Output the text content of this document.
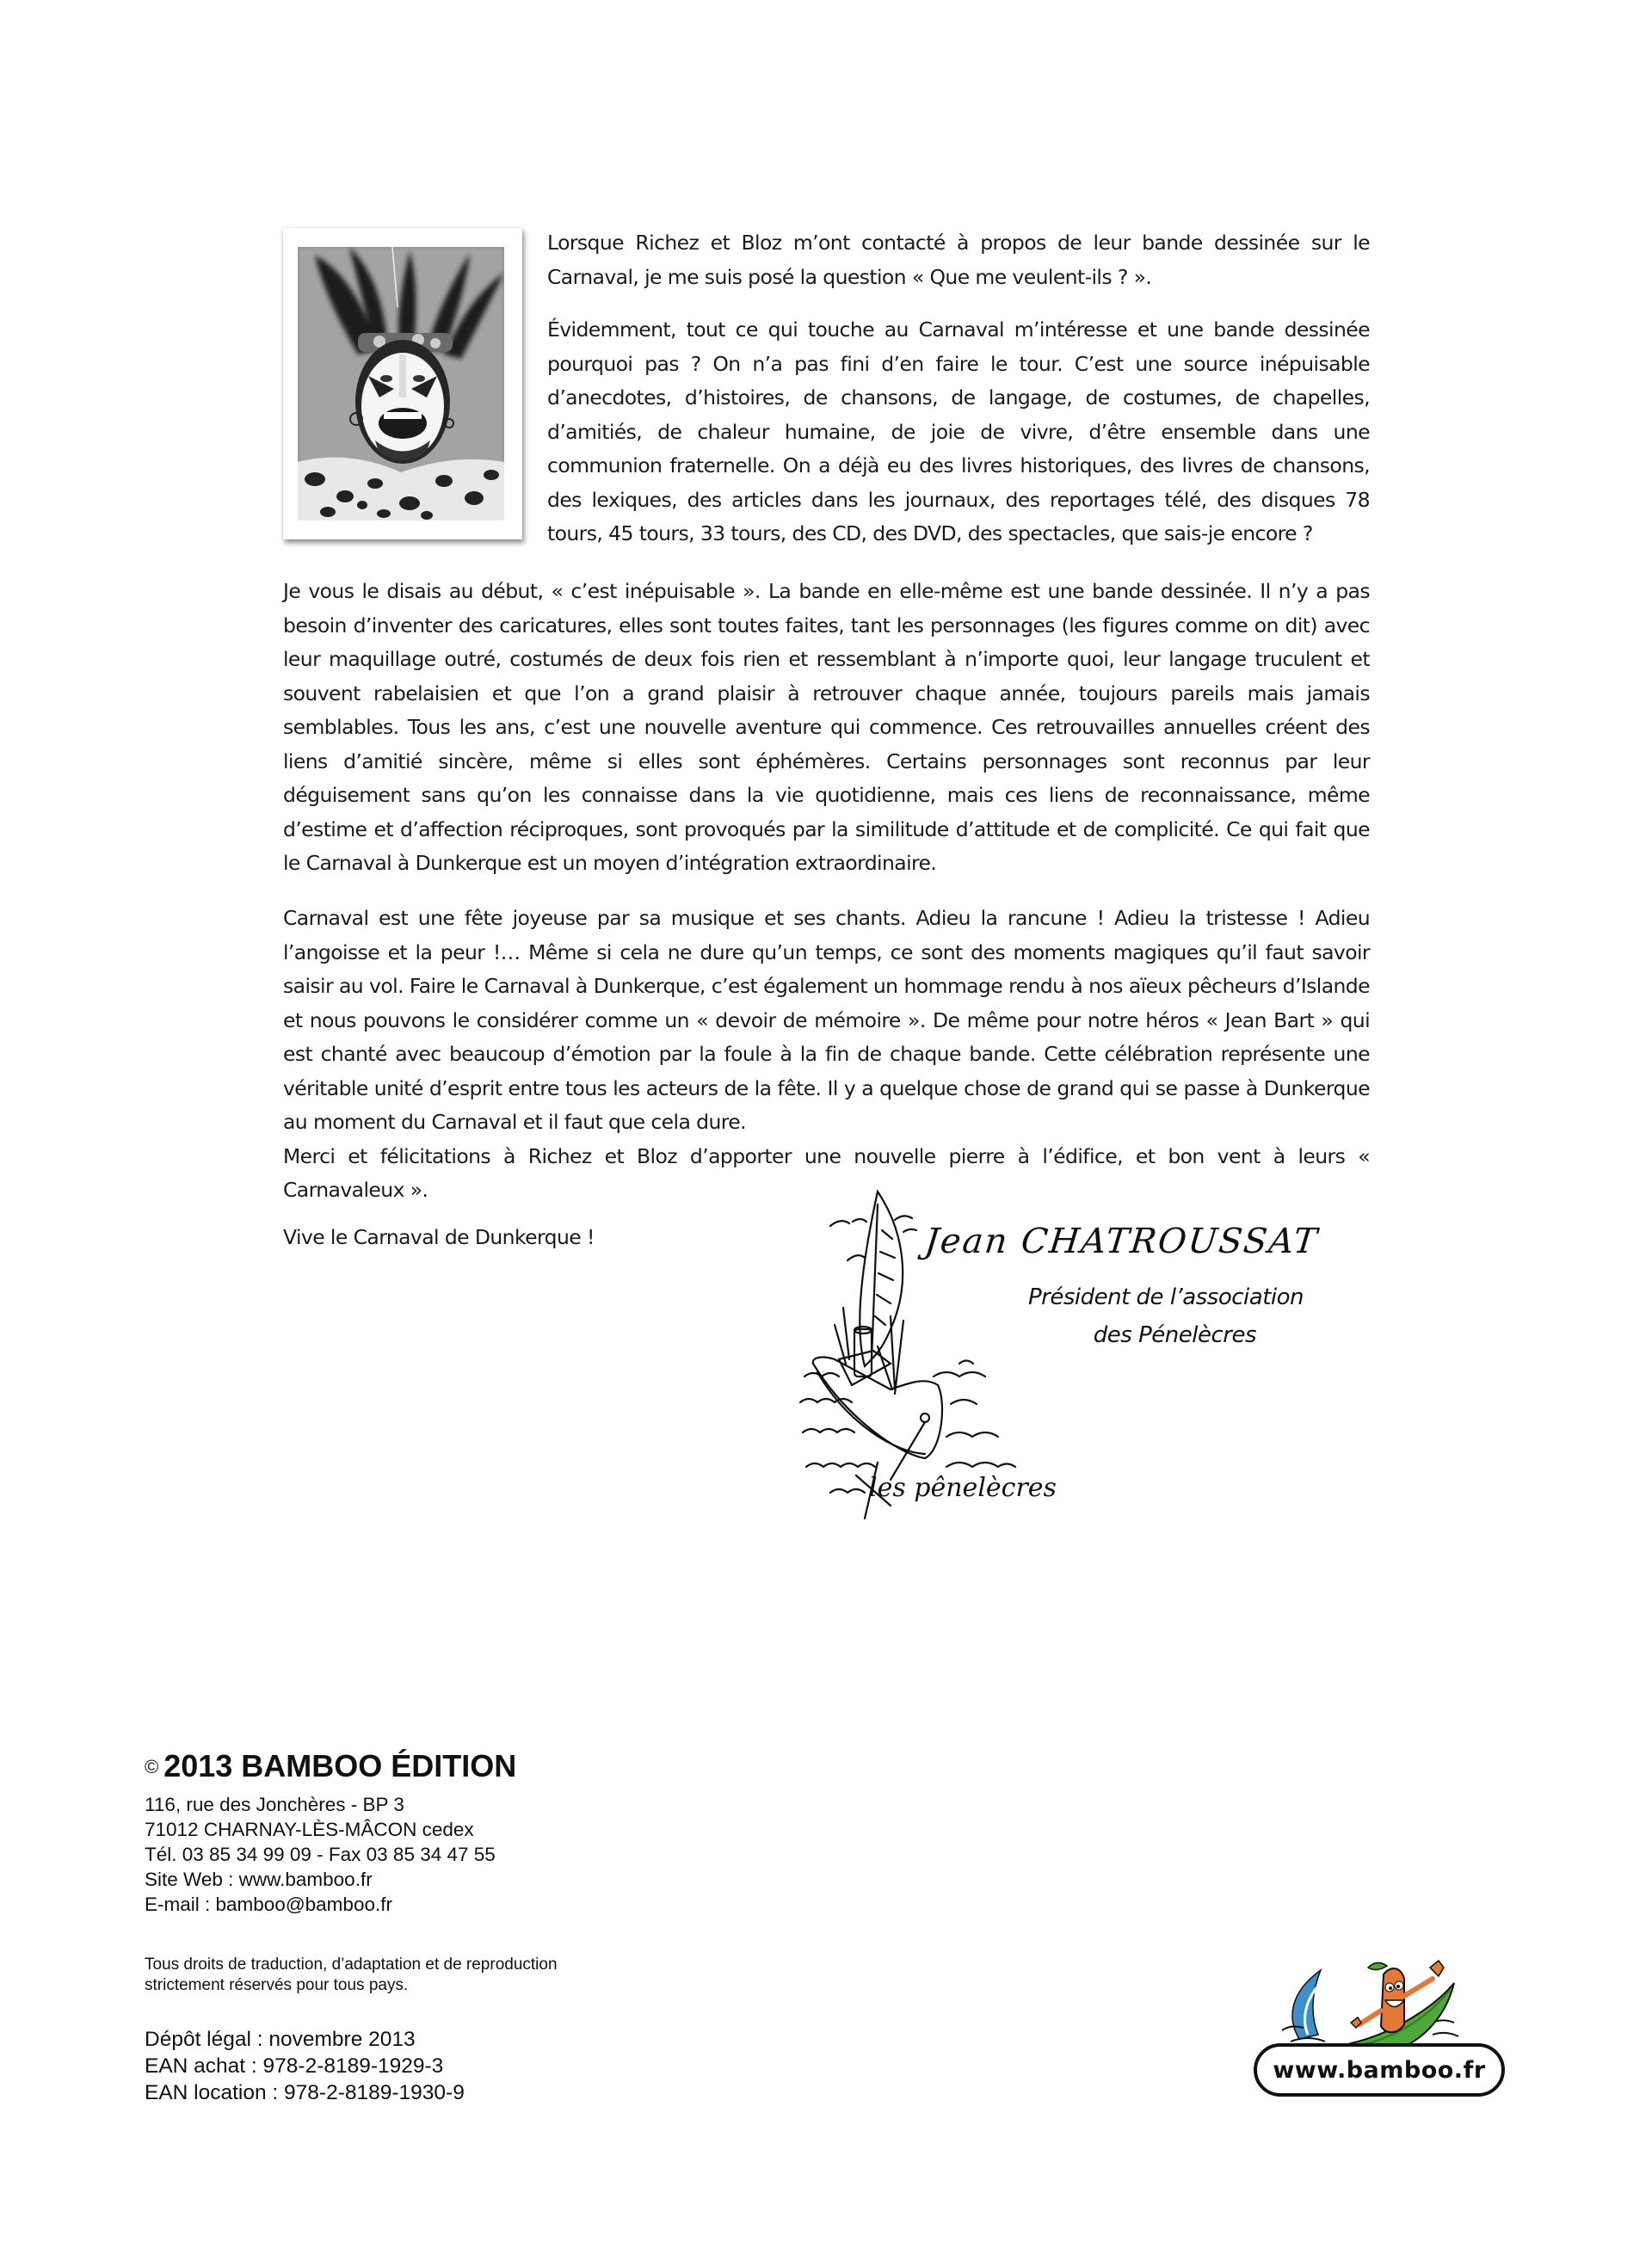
Lorsque Richez et Bloz m’ont contacté à propos de leur bande dessinée sur le Carnaval, je me suis posé la question « Que me veulent-ils ? ».

Évidemment, tout ce qui touche au Carnaval m’intéresse et une bande dessinée pourquoi pas ? On n’a pas fini d’en faire le tour. C’est une source inépuisable d’anecdotes, d’histoires, de chansons, de langage, de costumes, de chapelles, d’amitiés, de chaleur humaine, de joie de vivre, d’être ensemble dans une communion fraternelle. On a déjà eu des livres historiques, des livres de chansons, des lexiques, des articles dans les journaux, des reportages télé, des disques 78 tours, 45 tours, 33 tours, des CD, des DVD, des spectacles, que sais-je encore ?

Je vous le disais au début, « c’est inépuisable ». La bande en elle-même est une bande dessinée. Il n’y a pas besoin d’inventer des caricatures, elles sont toutes faites, tant les personnages (les figures comme on dit) avec leur maquillage outré, costumés de deux fois rien et ressemblant à n’importe quoi, leur langage truculent et souvent rabelaisien et que l’on a grand plaisir à retrouver chaque année, toujours pareils mais jamais semblables. Tous les ans, c’est une nouvelle aventure qui commence. Ces retrouvailles annuelles créent des liens d’amitié sincère, même si elles sont éphémères. Certains personnages sont reconnus par leur déguisement sans qu’on les connaisse dans la vie quotidienne, mais ces liens de reconnaissance, même d’estime et d’affection réciproques, sont provoqués par la similitude d’attitude et de complicité. Ce qui fait que le Carnaval à Dunkerque est un moyen d’intégration extraordinaire.

Carnaval est une fête joyeuse par sa musique et ses chants. Adieu la rancune ! Adieu la tristesse ! Adieu l’angoisse et la peur !… Même si cela ne dure qu’un temps, ce sont des moments magiques qu’il faut savoir saisir au vol. Faire le Carnaval à Dunkerque, c’est également un hommage rendu à nos aïeux pêcheurs d’Islande et nous pouvons le considérer comme un « devoir de mémoire ». De même pour notre héros « Jean Bart » qui est chanté avec beaucoup d’émotion par la foule à la fin de chaque bande. Cette célébration représente une véritable unité d’esprit entre tous les acteurs de la fête. Il y a quelque chose de grand qui se passe à Dunkerque au moment du Carnaval et il faut que cela dure.

Merci et félicitations à Richez et Bloz d’apporter une nouvelle pierre à l’édifice, et bon vent à leurs « Carnavaleux ».

Vive le Carnaval de Dunkerque !	Jean CHATROUSSAT
Président de l’association
des Pénelècres
les pênelècres
© 2013 BAMBOO ÉDITION
116, rue des Jonchères - BP 3
71012 CHARNAY-LÈS-MÂCON cedex
Tél. 03 85 34 99 09 - Fax 03 85 34 47 55
Site Web : www.bamboo.fr
E-mail : bamboo@bamboo.fr
Tous droits de traduction, d’adaptation et de reproduction
strictement réservés pour tous pays.
Dépôt légal : novembre 2013
EAN achat : 978-2-8189-1929-3
EAN location : 978-2-8189-1930-9
www.bamboo.fr
